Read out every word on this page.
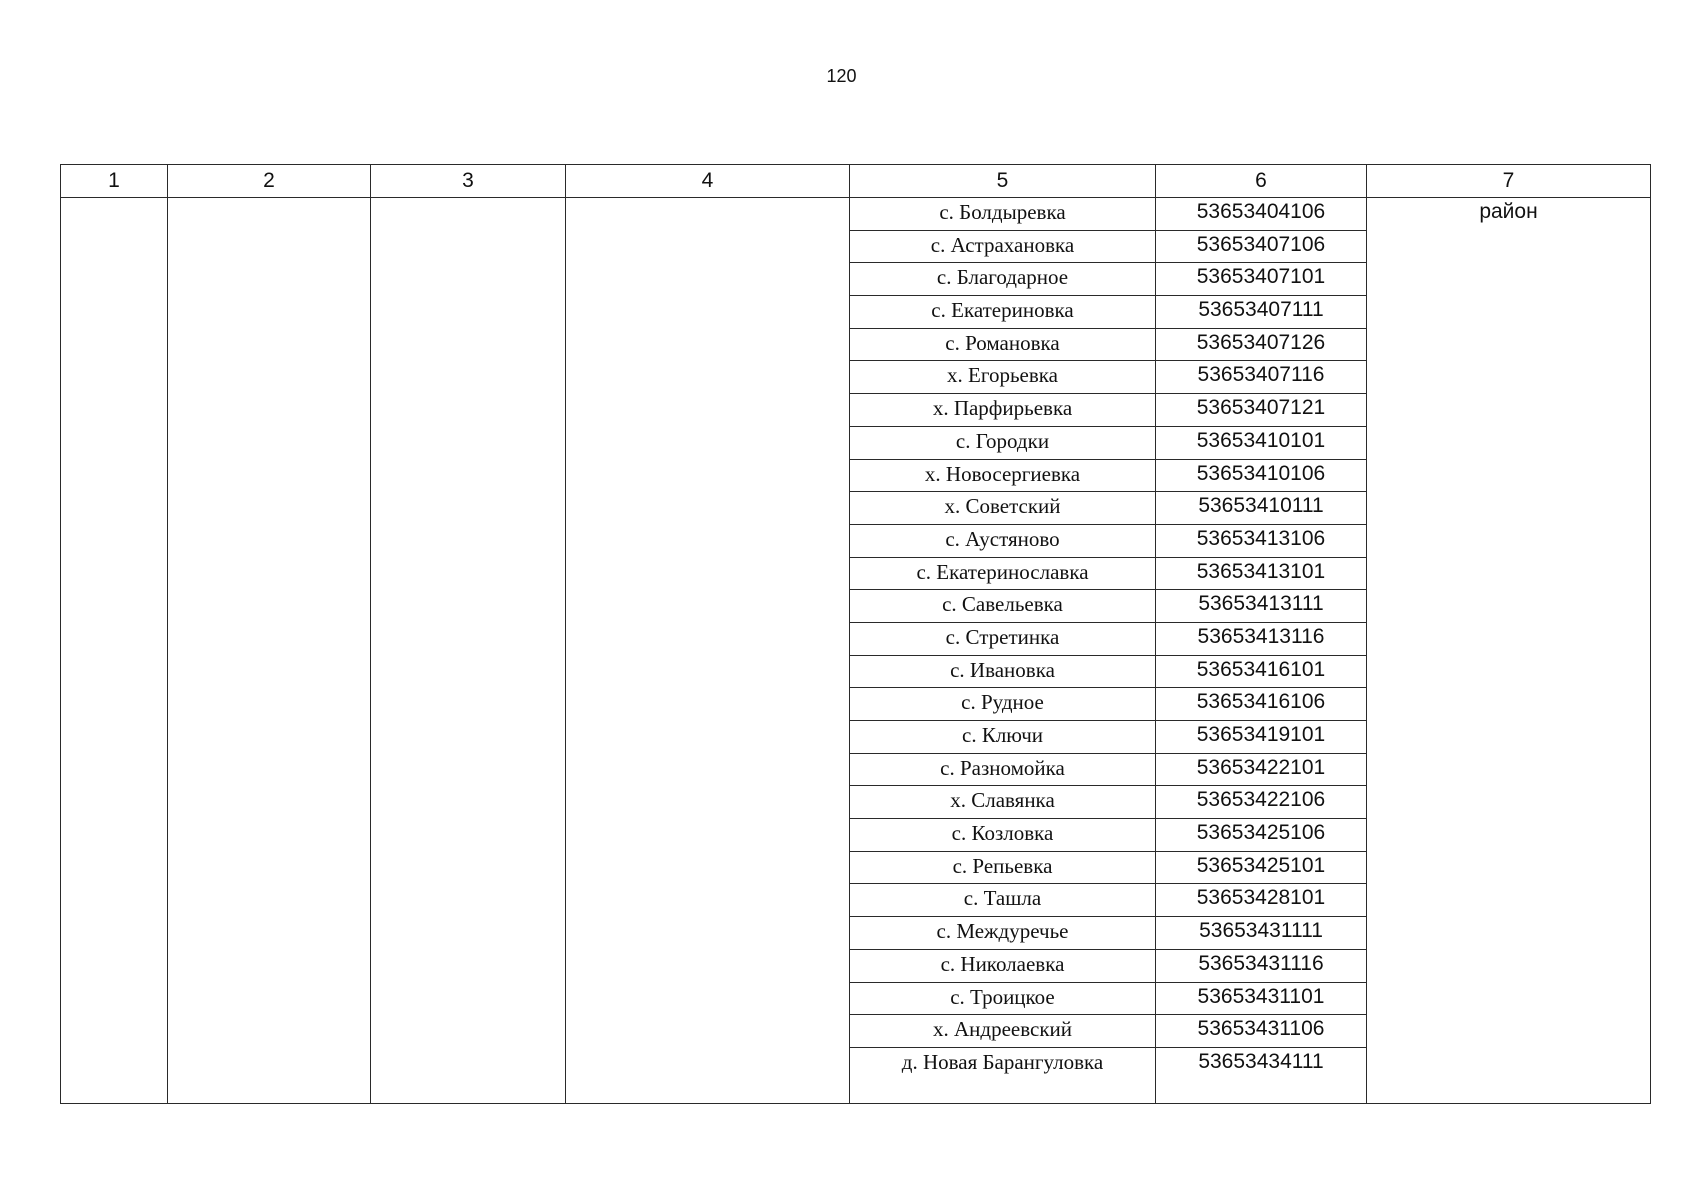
120
1	2	3	4	5	6	7
				с. Болдыревка	53653404106	район
				с. Астрахановка	53653407106	
				с. Благодарное	53653407101	
				с. Екатериновка	53653407111	
				с. Романовка	53653407126	
				х. Егорьевка	53653407116	
				х. Парфирьевка	53653407121	
				с. Городки	53653410101	
				х. Новосергиевка	53653410106	
				х. Советский	53653410111	
				с. Аустяново	53653413106	
				с. Екатеринославка	53653413101	
				с. Савельевка	53653413111	
				с. Стретинка	53653413116	
				с. Ивановка	53653416101	
				с. Рудное	53653416106	
				с. Ключи	53653419101	
				с. Разномойка	53653422101	
				х. Славянка	53653422106	
				с. Козловка	53653425106	
				с. Репьевка	53653425101	
				с. Ташла	53653428101	
				с. Междуречье	53653431111	
				с. Николаевка	53653431116	
				с. Троицкое	53653431101	
				х. Андреевский	53653431106	
				д. Новая Барангуловка	53653434111	
